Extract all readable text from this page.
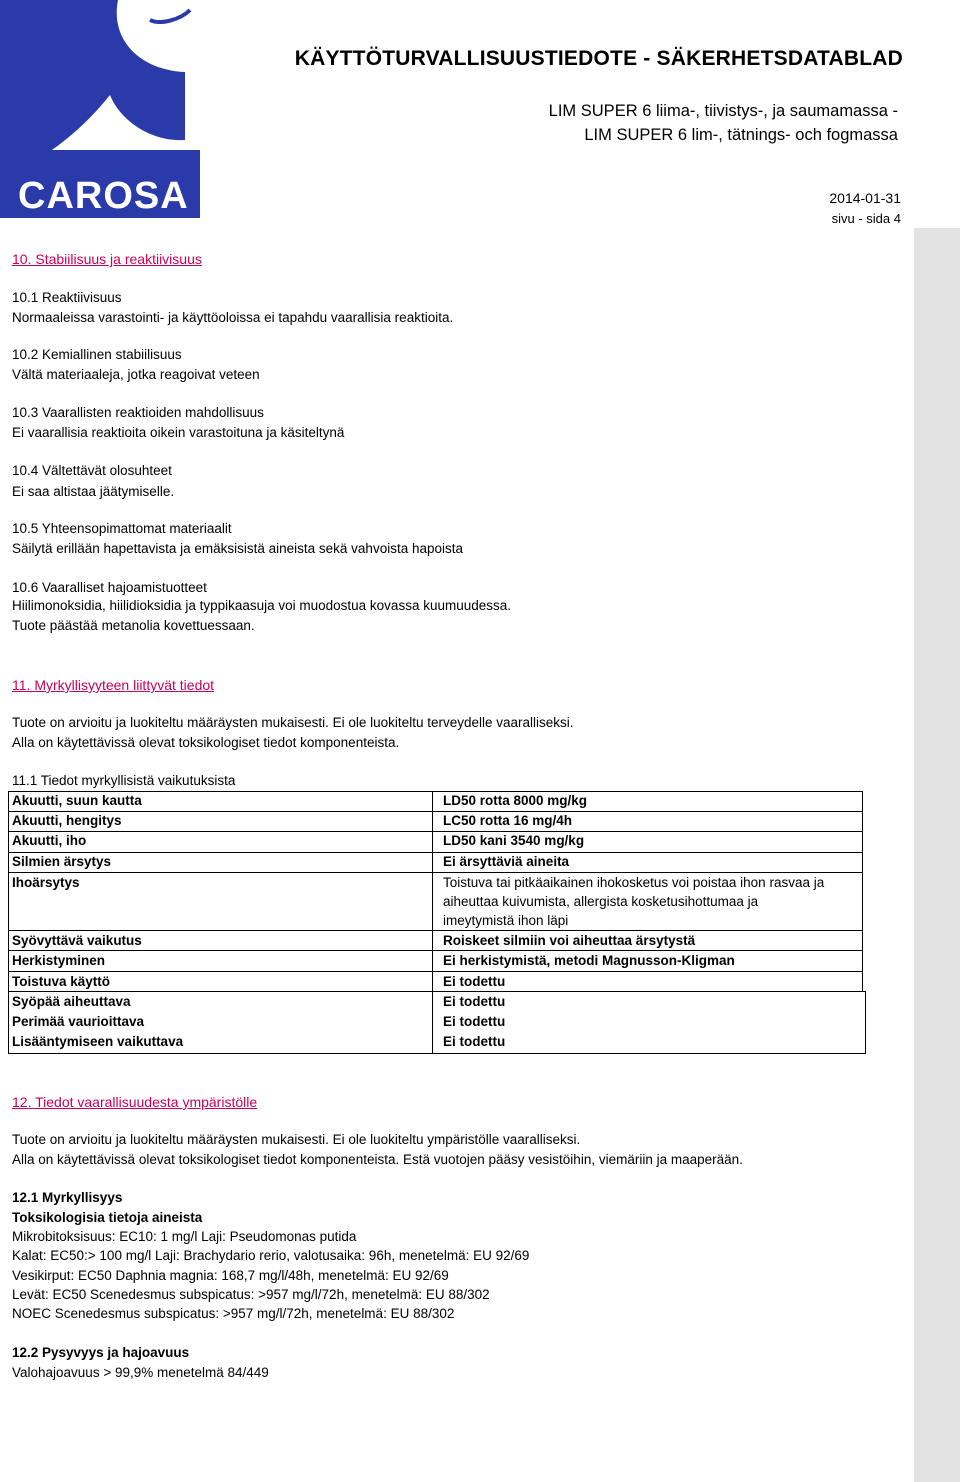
CAROSA
KÄYTTÖTURVALLISUUSTIEDOTE - SÄKERHETSDATABLAD
LIM SUPER 6 liima-, tiivistys-, ja saumamassa -
LIM SUPER 6 lim-, tätnings- och fogmassa
2014-01-31
sivu - sida 4
10. Stabiilisuus ja reaktiivisuus
10.1 Reaktiivisuus
Normaaleissa varastointi- ja käyttöoloissa ei tapahdu vaarallisia reaktioita.
10.2 Kemiallinen stabiilisuus
Vältä materiaaleja, jotka reagoivat veteen
10.3 Vaarallisten reaktioiden mahdollisuus
Ei vaarallisia reaktioita oikein varastoituna ja käsiteltynä
10.4 Vältettävät olosuhteet
Ei saa altistaa jäätymiselle.
10.5 Yhteensopimattomat materiaalit
Säilytä erillään hapettavista ja emäksisistä aineista sekä vahvoista hapoista
10.6 Vaaralliset hajoamistuotteet
Hiilimonoksidia, hiilidioksidia ja typpikaasuja voi muodostua kovassa kuumuudessa.
Tuote päästää metanolia kovettuessaan.
11. Myrkyllisyyteen liittyvät tiedot
Tuote on arvioitu ja luokiteltu määräysten mukaisesti. Ei ole luokiteltu terveydelle vaaralliseksi.
Alla on käytettävissä olevat toksikologiset tiedot komponenteista.
11.1 Tiedot myrkyllisistä vaikutuksista
Akuutti, suun kautta	LD50 rotta 8000 mg/kg
Akuutti, hengitys	LC50 rotta 16 mg/4h
Akuutti, iho	LD50 kani 3540 mg/kg
Silmien ärsytys	Ei ärsyttäviä aineita
Ihoärsytys	Toistuva tai pitkäaikainen ihokosketus voi poistaa ihon rasvaa ja
aiheuttaa kuivumista, allergista kosketusihottumaa ja
imeytymistä ihon läpi
Syövyttävä vaikutus	Roiskeet silmiin voi aiheuttaa ärsytystä
Herkistyminen	Ei herkistymistä, metodi Magnusson-Kligman
Toistuva käyttö	Ei todettu
Syöpää aiheuttava	Ei todettu
Perimää vaurioittava	Ei todettu
Lisääntymiseen vaikuttava	Ei todettu
12. Tiedot vaarallisuudesta ympäristölle
Tuote on arvioitu ja luokiteltu määräysten mukaisesti. Ei ole luokiteltu ympäristölle vaaralliseksi.
Alla on käytettävissä olevat toksikologiset tiedot komponenteista. Estä vuotojen pääsy vesistöihin, viemäriin ja maaperään.
12.1 Myrkyllisyys
Toksikologisia tietoja aineista
Mikrobitoksisuus: EC10: 1 mg/l Laji: Pseudomonas putida
Kalat: EC50:> 100 mg/l Laji: Brachydario rerio, valotusaika: 96h, menetelmä: EU 92/69
Vesikirput: EC50 Daphnia magnia: 168,7 mg/l/48h, menetelmä: EU 92/69
Levät: EC50 Scenedesmus subspicatus: >957 mg/l/72h, menetelmä: EU 88/302
NOEC Scenedesmus subspicatus: >957 mg/l/72h, menetelmä: EU 88/302
12.2 Pysyvyys ja hajoavuus
Valohajoavuus > 99,9% menetelmä 84/449
